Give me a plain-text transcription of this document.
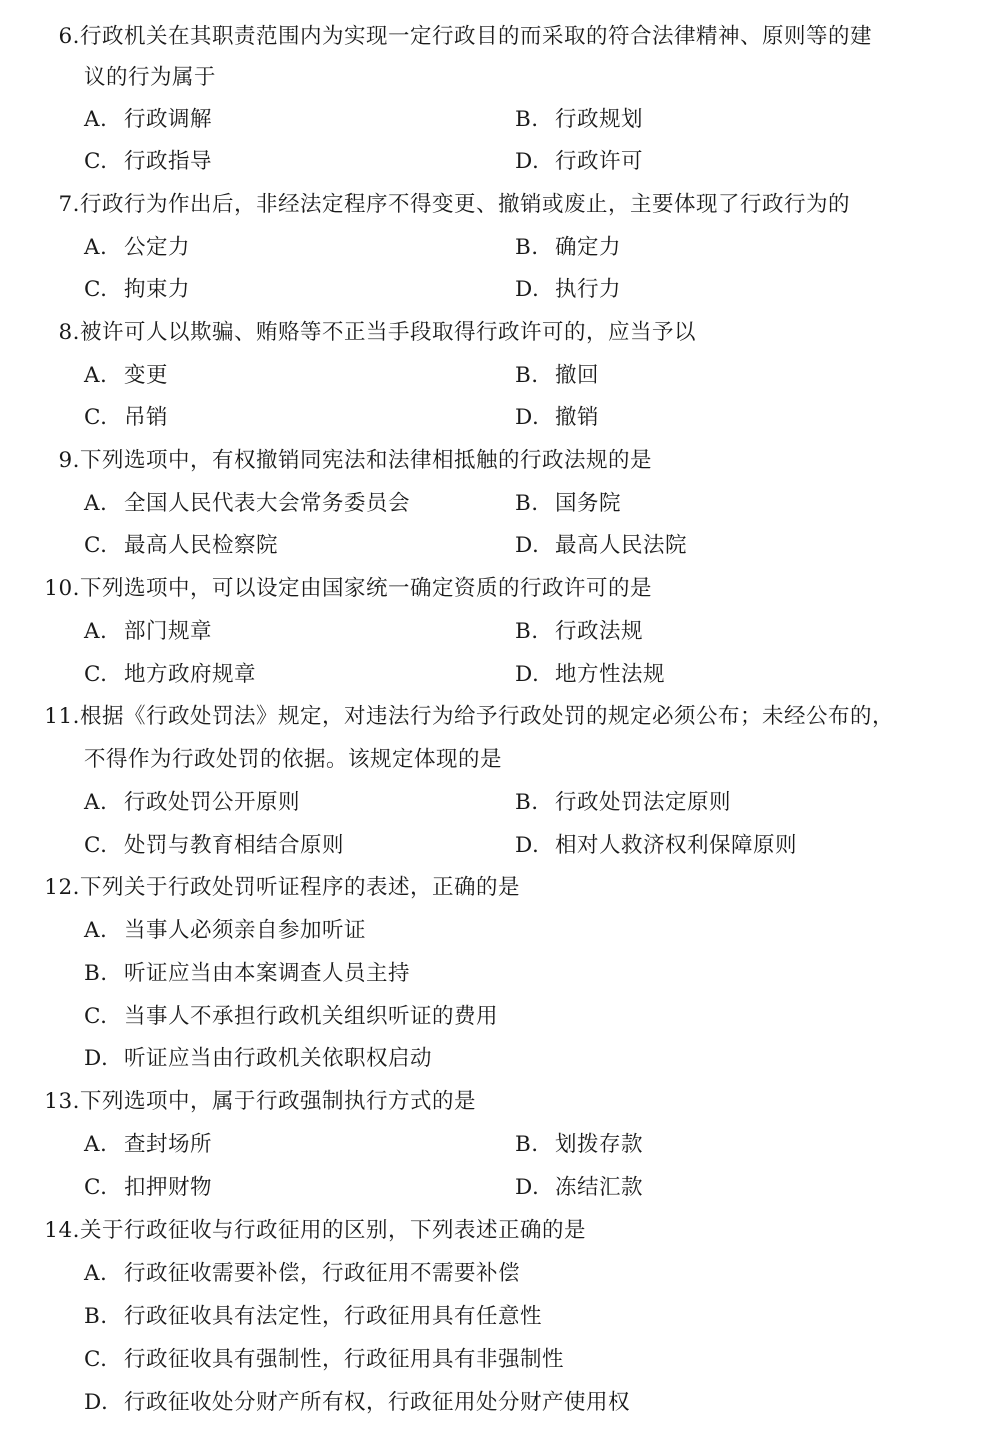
6.行政机关在其职责范围内为实现一定行政目的而采取的符合法律精神、原则等的建
议的行为属于
A. 行政调解	B. 行政规划
C. 行政指导	D. 行政许可
7.行政行为作出后，非经法定程序不得变更、撤销或废止，主要体现了行政行为的
A. 公定力	B. 确定力
C. 拘束力	D. 执行力
8.被许可人以欺骗、贿赂等不正当手段取得行政许可的，应当予以
A. 变更	B. 撤回
C. 吊销	D. 撤销
9.下列选项中，有权撤销同宪法和法律相抵触的行政法规的是
A. 全国人民代表大会常务委员会	B. 国务院
C. 最高人民检察院	D. 最高人民法院
10.下列选项中，可以设定由国家统一确定资质的行政许可的是
A. 部门规章	B. 行政法规
C. 地方政府规章	D. 地方性法规
11.根据《行政处罚法》规定，对违法行为给予行政处罚的规定必须公布；未经公布的，
不得作为行政处罚的依据。该规定体现的是
A. 行政处罚公开原则	B. 行政处罚法定原则
C. 处罚与教育相结合原则	D. 相对人救济权利保障原则
12.下列关于行政处罚听证程序的表述，正确的是
A. 当事人必须亲自参加听证
B. 听证应当由本案调查人员主持
C. 当事人不承担行政机关组织听证的费用
D. 听证应当由行政机关依职权启动
13.下列选项中，属于行政强制执行方式的是
A. 查封场所	B. 划拨存款
C. 扣押财物	D. 冻结汇款
14.关于行政征收与行政征用的区别，下列表述正确的是
A. 行政征收需要补偿，行政征用不需要补偿
B. 行政征收具有法定性，行政征用具有任意性
C. 行政征收具有强制性，行政征用具有非强制性
D. 行政征收处分财产所有权，行政征用处分财产使用权
